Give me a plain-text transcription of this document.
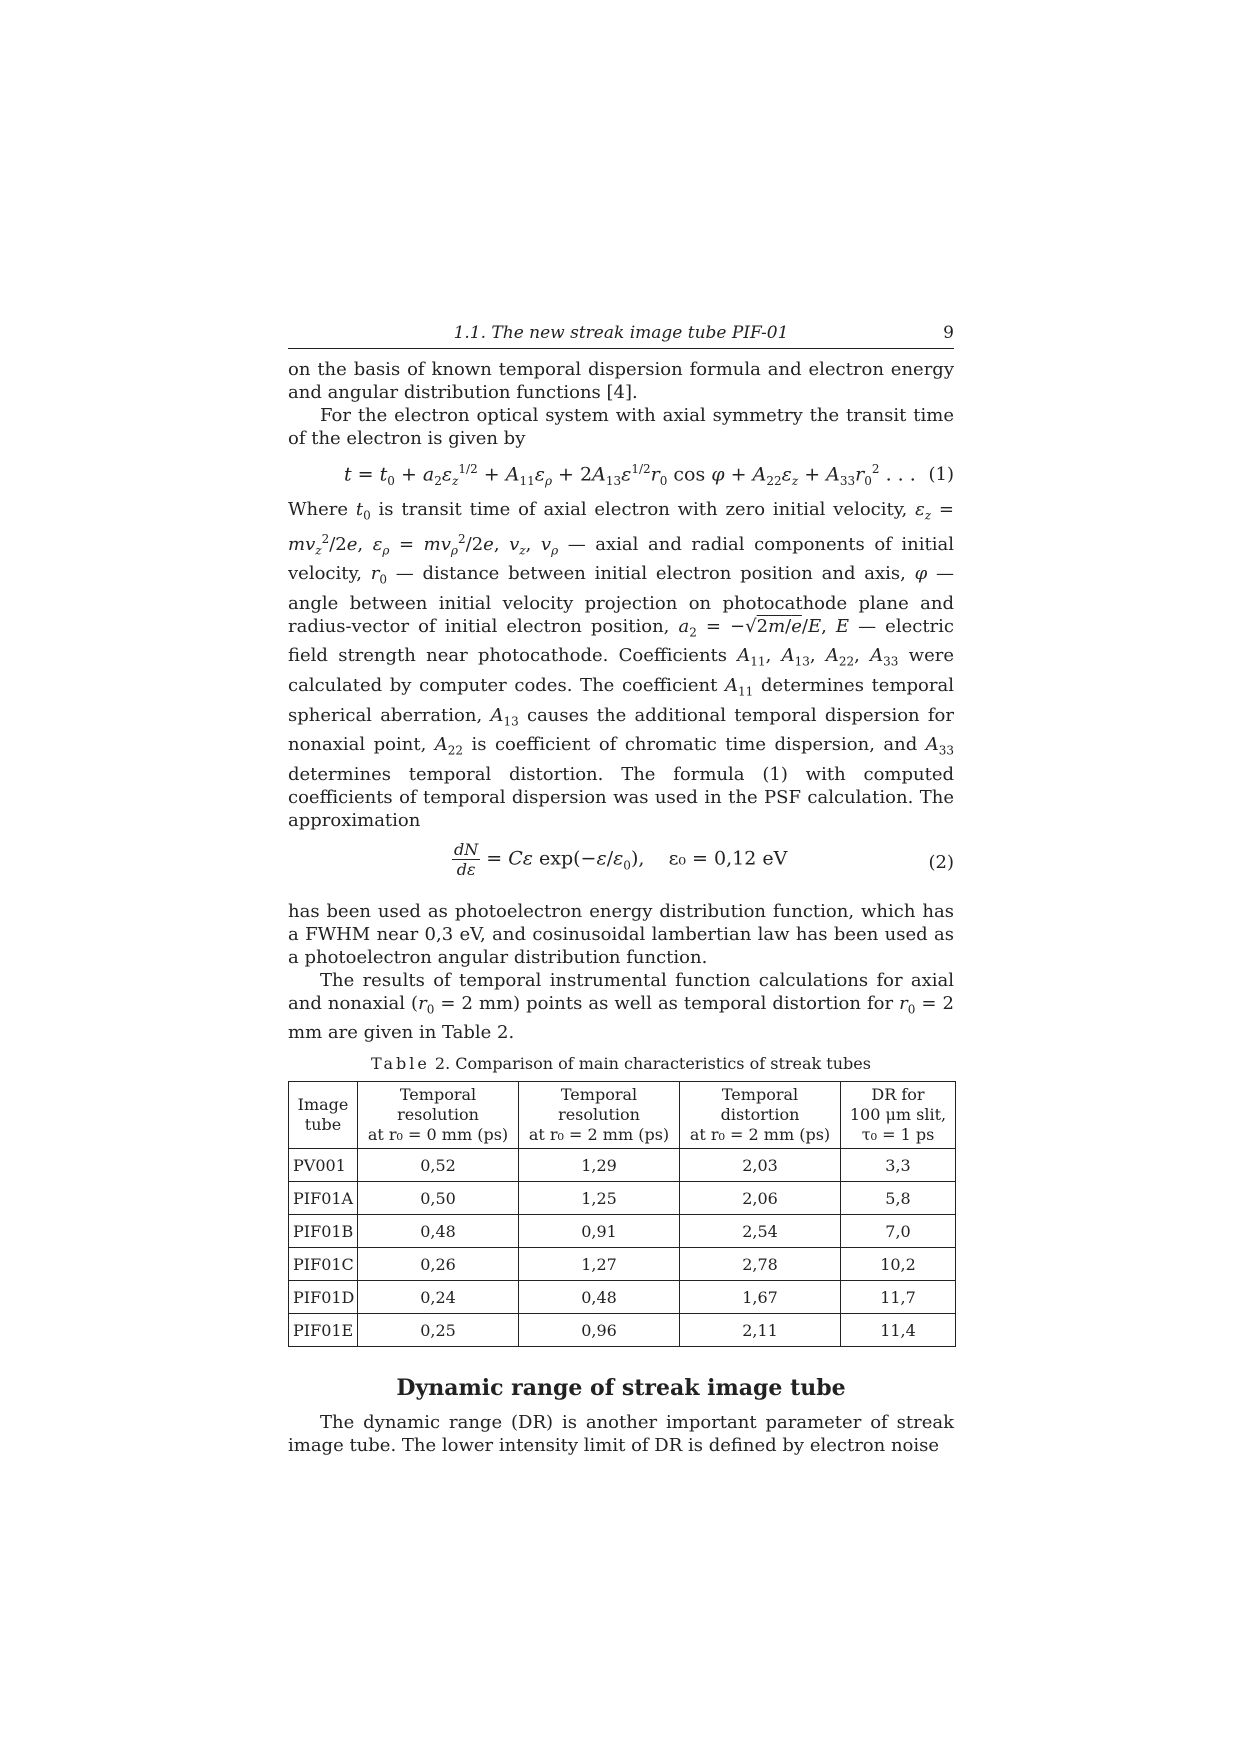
1.1. The new streak image tube PIF-01	9

on the basis of known temporal dispersion formula and electron energy and angular distribution functions [4].

For the electron optical system with axial symmetry the transit time of the electron is given by

$t = t_0 + a_2\varepsilon_z^{1/2} + A_{11}\varepsilon_\rho + 2A_{13}\varepsilon^{1/2}r_0$ $\cos \varphi + A_{22}\varepsilon_z + A_{33}r_0^2$ . . . (1)

Where $t_0$ is transit time of axial electron with zero initial velocity, $\varepsilon_z = mv_z^2/2e$, $\varepsilon_\rho = mv_\rho^2/2e$, $v_z$, $v_\rho$ — axial and radial components of initial velocity, $r_0$ — distance between initial electron position and axis, φ — angle between initial velocity projection on photocathode plane and radius-vector of initial electron position, $a_2 = -√2m/e/E$, E — electric field strength near photocathode. Coefficients $A_{11}$, $A_{13}$, $A_{22}$, $A_{33}$ were calculated by computer codes. The coefficient $A_{11}$ determines temporal spherical aberration, $A_{13}$ causes the additional temporal dispersion for nonaxial point, $A_{22}$ is coefficient of chromatic time dispersion, and $A_{33}$ determines temporal distortion. The formula (1) with computed coefficients of temporal dispersion was used in the PSF calculation. The approximation

$\frac{dN}{d\varepsilon} = C\varepsilon$ $\exp(-\varepsilon/\varepsilon_0)$,    ε₀ = 0,12 eV	(2)

has been used as photoelectron energy distribution function, which has a FWHM near 0,3 eV, and cosinusoidal lambertian law has been used as a photoelectron angular distribution function.

The results of temporal instrumental function calculations for axial and nonaxial ($r_0 = 2$ mm) points as well as temporal distortion for $r_0 = 2$ mm are given in Table 2.

Table 2. Comparison of main characteristics of streak tubes
Image tube	Temporal
resolution
at r₀ = 0 mm (ps)	Temporal
resolution
at r₀ = 2 mm (ps)	Temporal
distortion
at r₀ = 2 mm (ps)	DR for
100 μm slit,
τ₀ = 1 ps
PV001	0,52	1,29	2,03	3,3
PIF01A	0,50	1,25	2,06	5,8
PIF01B	0,48	0,91	2,54	7,0
PIF01C	0,26	1,27	2,78	10,2
PIF01D	0,24	0,48	1,67	11,7
PIF01E	0,25	0,96	2,11	11,4
Dynamic range of streak image tube

The dynamic range (DR) is another important parameter of streak image tube. The lower intensity limit of DR is defined by electron noise
